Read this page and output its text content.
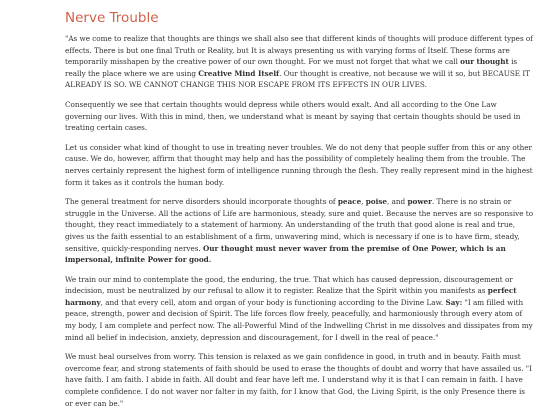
Nerve Trouble

"As we come to realize that thoughts are things we shall also see that different kinds of thoughts will produce different types of effects. There is but one final Truth or Reality, but It is always presenting us with varying forms of Itself. These forms are temporarily misshapen by the creative power of our own thought. For we must not forget that what we call our thought is really the place where we are using Creative Mind Itself. Our thought is creative, not because we will it so, but BECAUSE IT ALREADY IS SO. WE CANNOT CHANGE THIS NOR ESCAPE FROM ITS EFFECTS IN OUR LIVES.

Consequently we see that certain thoughts would depress while others would exalt. And all according to the One Law governing our lives. With this in mind, then, we understand what is meant by saying that certain thoughts should be used in treating certain cases.

Let us consider what kind of thought to use in treating never troubles. We do not deny that people suffer from this or any other cause. We do, however, affirm that thought may help and has the possibility of completely healing them from the trouble. The nerves certainly represent the highest form of intelligence running through the flesh. They really represent mind in the highest form it takes as it controls the human body.

The general treatment for nerve disorders should incorporate thoughts of peace, poise, and power. There is no strain or struggle in the Universe. All the actions of Life are harmonious, steady, sure and quiet. Because the nerves are so responsive to thought, they react immediately to a statement of harmony. An understanding of the truth that good alone is real and true, gives us the faith essential to an establishment of a firm, unwavering mind, which is necessary if one is to have firm, steady, sensitive, quickly-responding nerves. Our thought must never waver from the premise of One Power, which is an impersonal, infinite Power for good.

We train our mind to contemplate the good, the enduring, the true. That which has caused depression, discouragement or indecision, must be neutralized by our refusal to allow it to register. Realize that the Spirit within you manifests as perfect harmony, and that every cell, atom and organ of your body is functioning according to the Divine Law. Say: "I am filled with peace, strength, power and decision of Spirit. The life forces flow freely, peacefully, and harmoniously through every atom of my body, I am complete and perfect now. The all-Powerful Mind of the Indwelling Christ in me dissolves and dissipates from my mind all belief in indecision, anxiety, depression and discouragement, for I dwell in the real of peace."

We must heal ourselves from worry. This tension is relaxed as we gain confidence in good, in truth and in beauty. Faith must overcome fear, and strong statements of faith should be used to erase the thoughts of doubt and worry that have assailed us. "I have faith. I am faith. I abide in faith. All doubt and fear have left me. I understand why it is that I can remain in faith. I have complete confidence. I do not waver nor falter in my faith, for I know that God, the Living Spirit, is the only Presence there is or ever can be."
